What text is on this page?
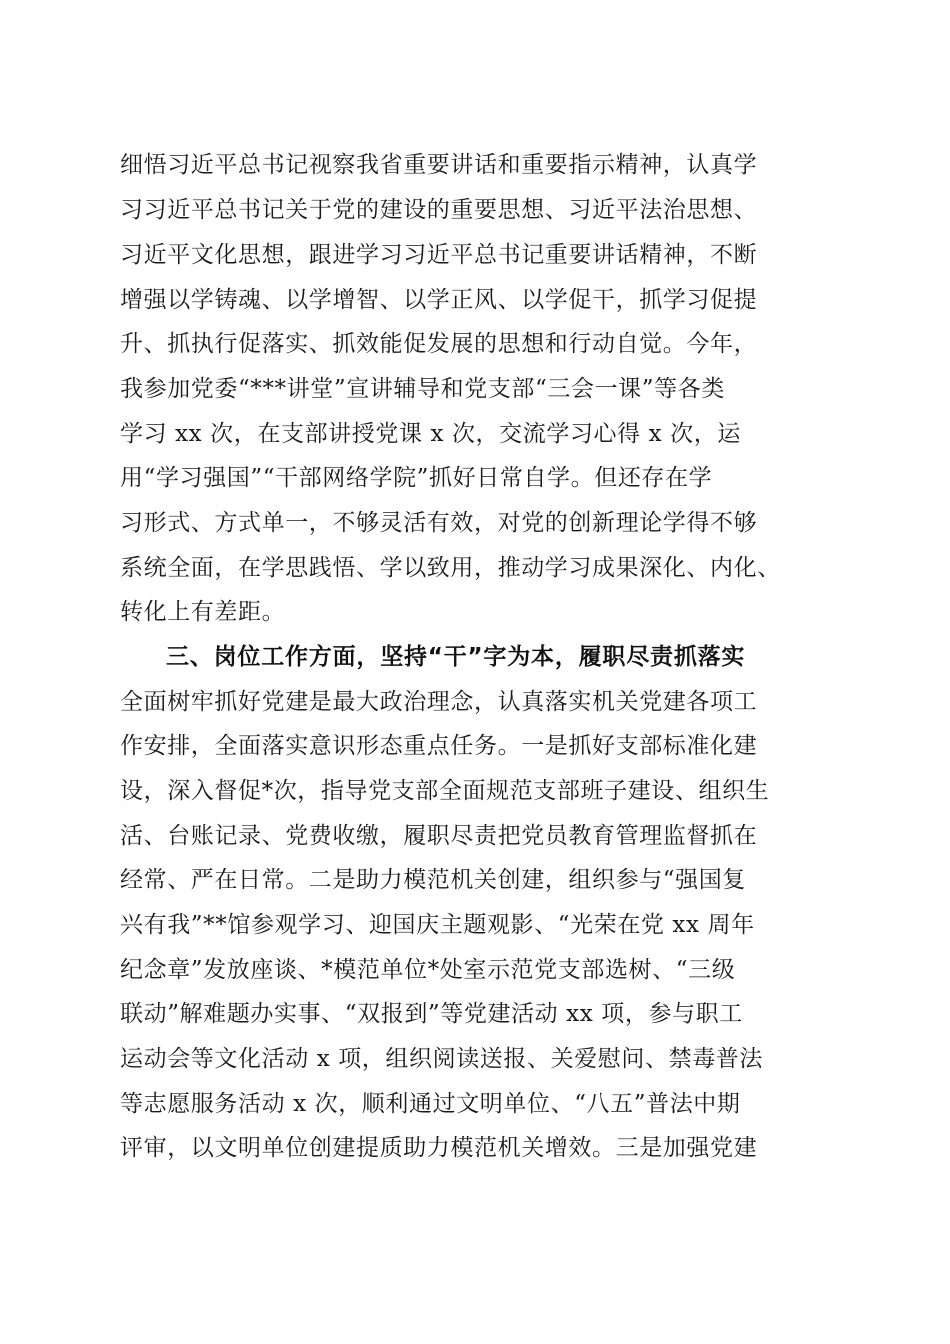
细悟习近平总书记视察我省重要讲话和重要指示精神，认真学
习习近平总书记关于党的建设的重要思想、习近平法治思想、
习近平文化思想，跟进学习习近平总书记重要讲话精神，不断
增强以学铸魂、以学增智、以学正风、以学促干，抓学习促提
升、抓执行促落实、抓效能促发展的思想和行动自觉。今年，
我参加党委“***讲堂”宣讲辅导和党支部“三会一课”等各类
学习 xx 次，在支部讲授党课 x 次，交流学习心得 x 次，运
用“学习强国”“干部网络学院”抓好日常自学。但还存在学
习形式、方式单一，不够灵活有效，对党的创新理论学得不够
系统全面，在学思践悟、学以致用，推动学习成果深化、内化、
转化上有差距。
三、岗位工作方面，坚持“干”字为本，履职尽责抓落实
全面树牢抓好党建是最大政治理念，认真落实机关党建各项工
作安排，全面落实意识形态重点任务。一是抓好支部标准化建
设，深入督促*次，指导党支部全面规范支部班子建设、组织生
活、台账记录、党费收缴，履职尽责把党员教育管理监督抓在
经常、严在日常。二是助力模范机关创建，组织参与“强国复
兴有我”**馆参观学习、迎国庆主题观影、“光荣在党 xx 周年
纪念章”发放座谈、*模范单位*处室示范党支部选树、“三级
联动”解难题办实事、“双报到”等党建活动 xx 项，参与职工
运动会等文化活动 x 项，组织阅读送报、关爱慰问、禁毒普法
等志愿服务活动 x 次，顺利通过文明单位、“八五”普法中期
评审，以文明单位创建提质助力模范机关增效。三是加强党建
